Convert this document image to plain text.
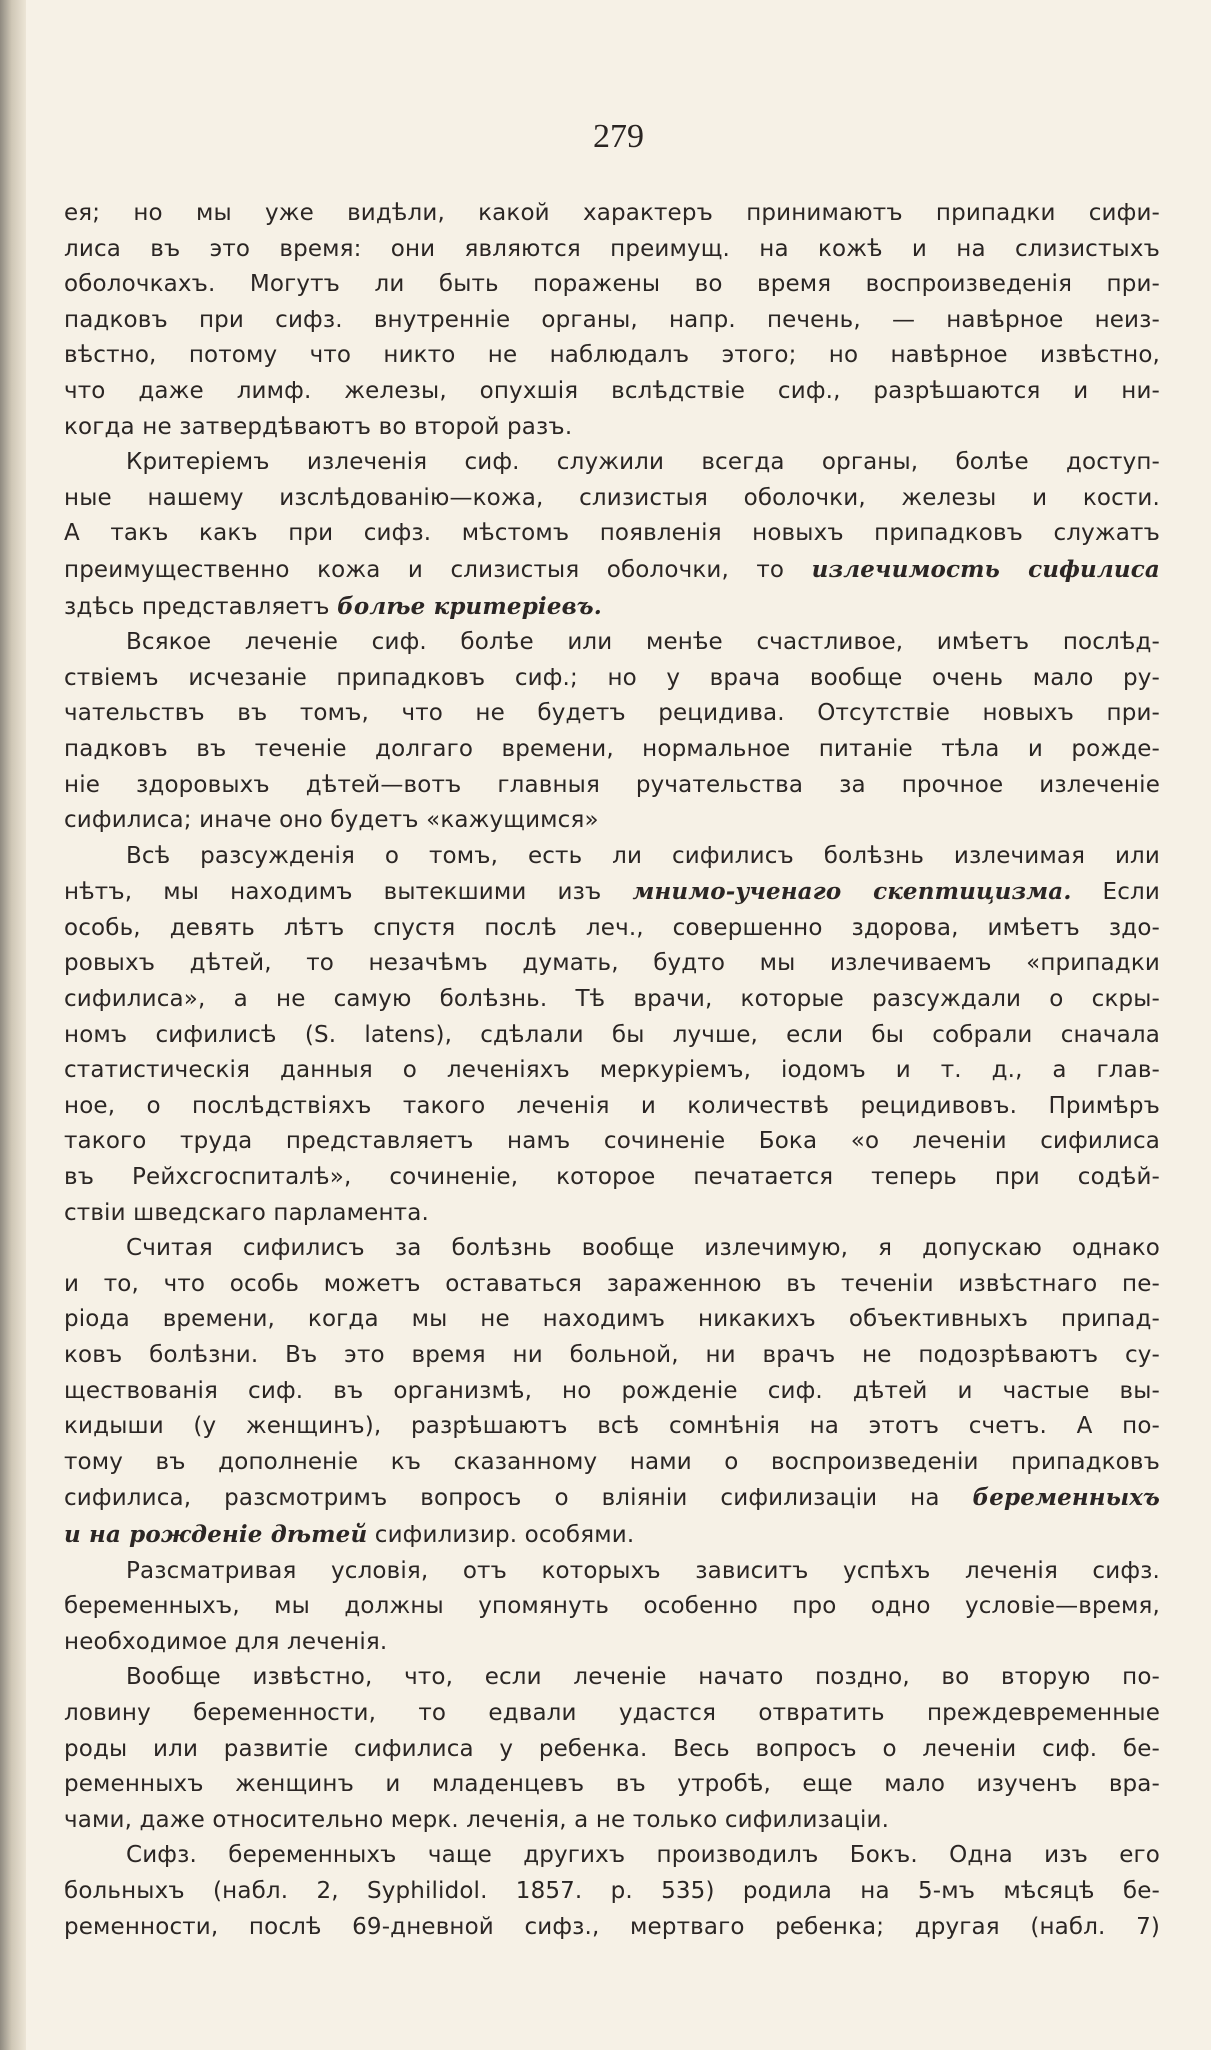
279
ея; но мы уже видѣли, какой характеръ принимаютъ припадки сифи-
лиса въ это время: они являются преимущ. на кожѣ и на слизистыхъ
оболочкахъ. Могутъ ли быть поражены во время воспроизведенія при-
падковъ при сифз. внутренніе органы, напр. печень, — навѣрное неиз-
вѣстно, потому что никто не наблюдалъ этого; но навѣрное извѣстно,
что даже лимф. железы, опухшія вслѣдствіе сиф., разрѣшаются и ни-
когда не затвердѣваютъ во второй разъ.
Критеріемъ излеченія сиф. служили всегда органы, болѣе доступ-
ные нашему изслѣдованію—кожа, слизистыя оболочки, железы и кости.
А такъ какъ при сифз. мѣстомъ появленія новыхъ припадковъ служатъ
преимущественно кожа и слизистыя оболочки, то излечимость сифилиса
здѣсь представляетъ болѣе критеріевъ.
Всякое леченіе сиф. болѣе или менѣе счастливое, имѣетъ послѣд-
ствіемъ исчезаніе припадковъ сиф.; но у врача вообще очень мало ру-
чательствъ въ томъ, что не будетъ рецидива. Отсутствіе новыхъ при-
падковъ въ теченіе долгаго времени, нормальное питаніе тѣла и рожде-
ніе здоровыхъ дѣтей—вотъ главныя ручательства за прочное излеченіе
сифилиса; иначе оно будетъ «кажущимся»
Всѣ разсужденія о томъ, есть ли сифилисъ болѣзнь излечимая или
нѣтъ, мы находимъ вытекшими изъ мнимо-ученаго скептицизма. Если
особь, девять лѣтъ спустя послѣ леч., совершенно здорова, имѣетъ здо-
ровыхъ дѣтей, то незачѣмъ думать, будто мы излечиваемъ «припадки
сифилиса», а не самую болѣзнь. Тѣ врачи, которые разсуждали о скры-
номъ сифилисѣ (S. latens), сдѣлали бы лучше, если бы собрали сначала
статистическія данныя о леченіяхъ меркуріемъ, іодомъ и т. д., а глав-
ное, о послѣдствіяхъ такого леченія и количествѣ рецидивовъ. Примѣръ
такого труда представляетъ намъ сочиненіе Бока «о леченіи сифилиса
въ Рейхсгоспиталѣ», сочиненіе, которое печатается теперь при содѣй-
ствіи шведскаго парламента.
Считая сифилисъ за болѣзнь вообще излечимую, я допускаю однако
и то, что особь можетъ оставаться зараженною въ теченіи извѣстнаго пе-
ріода времени, когда мы не находимъ никакихъ объективныхъ припад-
ковъ болѣзни. Въ это время ни больной, ни врачъ не подозрѣваютъ су-
ществованія сиф. въ организмѣ, но рожденіе сиф. дѣтей и частые вы-
кидыши (у женщинъ), разрѣшаютъ всѣ сомнѣнія на этотъ счетъ. А по-
тому въ дополненіе къ сказанному нами о воспроизведеніи припадковъ
сифилиса, разсмотримъ вопросъ о вліяніи сифилизаціи на беременныхъ
и на рожденіе дѣтей сифилизир. особями.
Разсматривая условія, отъ которыхъ зависитъ успѣхъ леченія сифз.
беременныхъ, мы должны упомянуть особенно про одно условіе—время,
необходимое для леченія.
Вообще извѣстно, что, если леченіе начато поздно, во вторую по-
ловину беременности, то едвали удастся отвратить преждевременные
роды или развитіе сифилиса у ребенка. Весь вопросъ о леченіи сиф. бе-
ременныхъ женщинъ и младенцевъ въ утробѣ, еще мало изученъ вра-
чами, даже относительно мерк. леченія, а не только сифилизаціи.
Сифз. беременныхъ чаще другихъ производилъ Бокъ. Одна изъ его
больныхъ (набл. 2, Syphilidol. 1857. p. 535) родила на 5-мъ мѣсяцѣ бе-
ременности, послѣ 69-дневной сифз., мертваго ребенка; другая (набл. 7)
